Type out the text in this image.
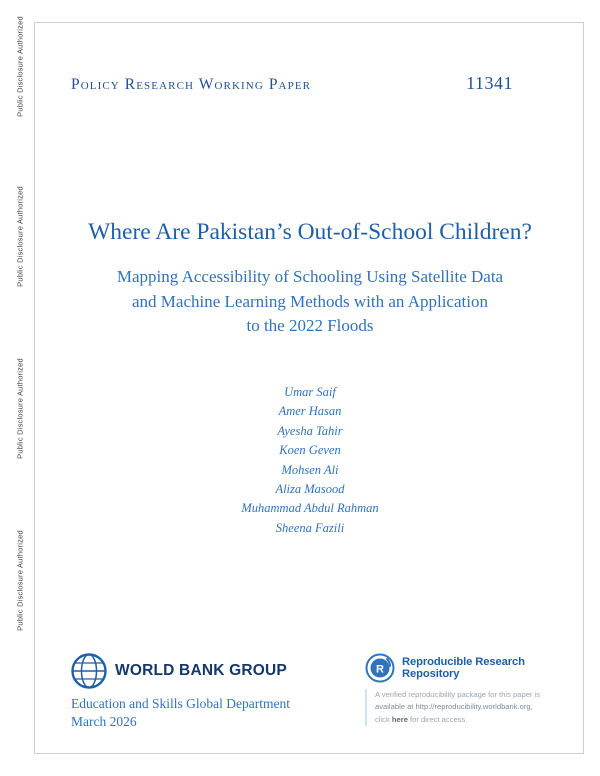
Public Disclosure Authorized
Public Disclosure Authorized
Public Disclosure Authorized
Public Disclosure Authorized
Policy Research Working Paper	11341
Where Are Pakistan’s Out-of-School Children?

Mapping Accessibility of Schooling Using Satellite Data
and Machine Learning Methods with an Application
to the 2022 Floods

Umar Saif
Amer Hasan
Ayesha Tahir
Koen Geven
Mohsen Ali
Aliza Masood
Muhammad Abdul Rahman
Sheena Fazili
WORLD BANK GROUP
Education and Skills Global Department
March 2026
R
Reproducible Research Repository
A verified reproducibility package for this paper is
available at http://reproducibility.worldbank.org,
click here for direct access.
